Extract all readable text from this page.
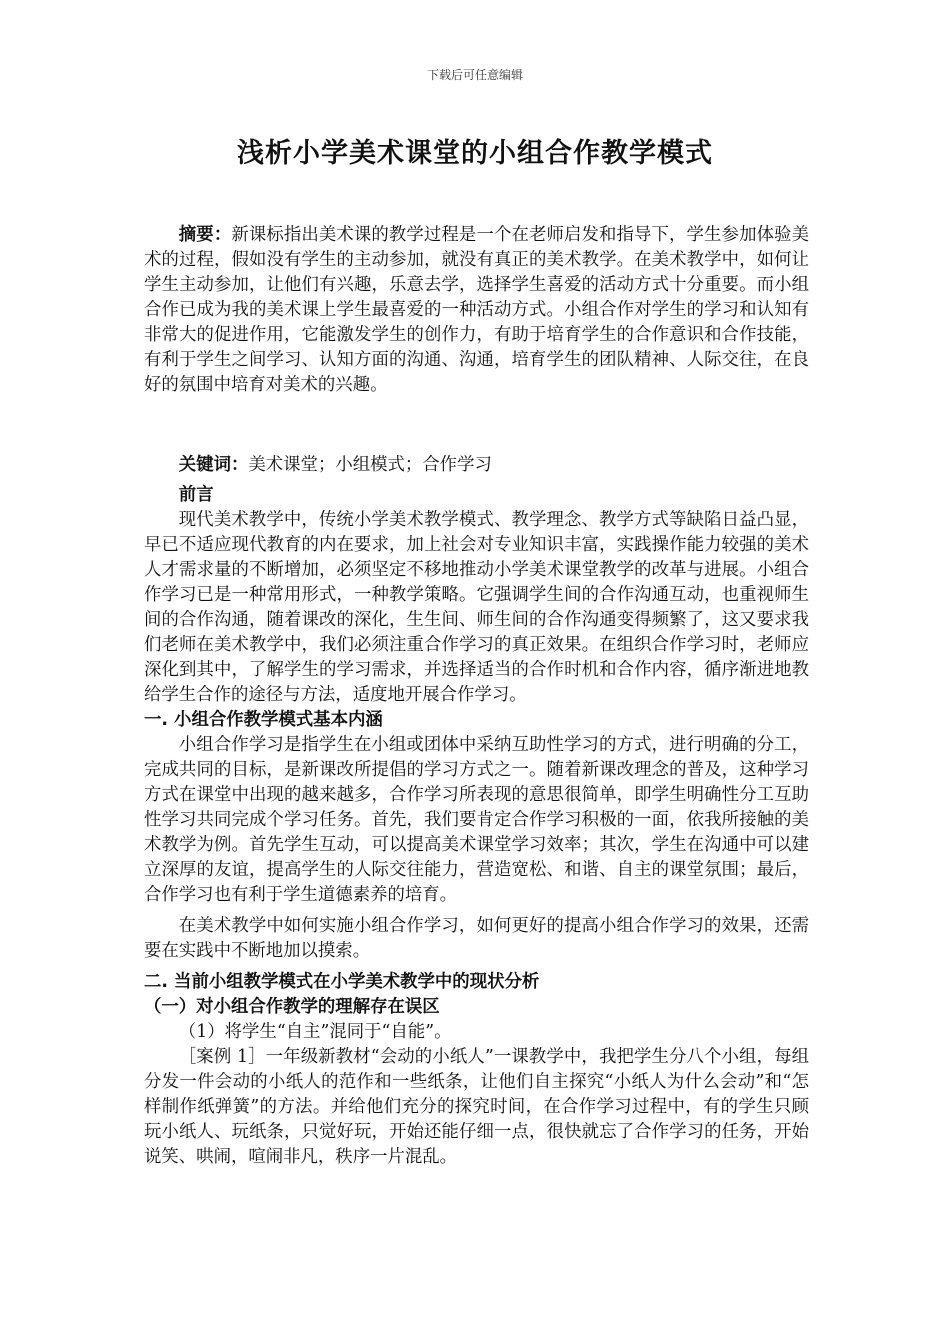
下载后可任意编辑
浅析小学美术课堂的小组合作教学模式

摘要：新课标指出美术课的教学过程是一个在老师启发和指导下，学生参加体验美术的过程，假如没有学生的主动参加，就没有真正的美术教学。在美术教学中，如何让学生主动参加，让他们有兴趣，乐意去学，选择学生喜爱的活动方式十分重要。而小组合作已成为我的美术课上学生最喜爱的一种活动方式。小组合作对学生的学习和认知有非常大的促进作用，它能激发学生的创作力，有助于培育学生的合作意识和合作技能，有利于学生之间学习、认知方面的沟通、沟通，培育学生的团队精神、人际交往，在良好的氛围中培育对美术的兴趣。

关键词：美术课堂；小组模式；合作学习

前言

现代美术教学中，传统小学美术教学模式、教学理念、教学方式等缺陷日益凸显，早已不适应现代教育的内在要求，加上社会对专业知识丰富，实践操作能力较强的美术人才需求量的不断增加，必须坚定不移地推动小学美术课堂教学的改革与进展。小组合作学习已是一种常用形式，一种教学策略。它强调学生间的合作沟通互动，也重视师生间的合作沟通，随着课改的深化，生生间、师生间的合作沟通变得频繁了，这又要求我们老师在美术教学中，我们必须注重合作学习的真正效果。在组织合作学习时，老师应深化到其中，了解学生的学习需求，并选择适当的合作时机和合作内容，循序渐进地教给学生合作的途径与方法，适度地开展合作学习。

一. 小组合作教学模式基本内涵

小组合作学习是指学生在小组或团体中采纳互助性学习的方式，进行明确的分工，完成共同的目标，是新课改所提倡的学习方式之一。随着新课改理念的普及，这种学习方式在课堂中出现的越来越多，合作学习所表现的意思很简单，即学生明确性分工互助性学习共同完成个学习任务。首先，我们要肯定合作学习积极的一面，依我所接触的美术教学为例。首先学生互动，可以提高美术课堂学习效率；其次，学生在沟通中可以建立深厚的友谊，提高学生的人际交往能力，营造宽松、和谐、自主的课堂氛围；最后，合作学习也有利于学生道德素养的培育。

在美术教学中如何实施小组合作学习，如何更好的提高小组合作学习的效果，还需要在实践中不断地加以摸索。

二. 当前小组教学模式在小学美术教学中的现状分析

（一）对小组合作教学的理解存在误区

（1）将学生“自主”混同于“自能”。

［案例 1］一年级新教材“会动的小纸人”一课教学中，我把学生分八个小组，每组分发一件会动的小纸人的范作和一些纸条，让他们自主探究“小纸人为什么会动”和“怎样制作纸弹簧”的方法。并给他们充分的探究时间，在合作学习过程中，有的学生只顾玩小纸人、玩纸条，只觉好玩，开始还能仔细一点，很快就忘了合作学习的任务，开始说笑、哄闹，喧闹非凡，秩序一片混乱。
